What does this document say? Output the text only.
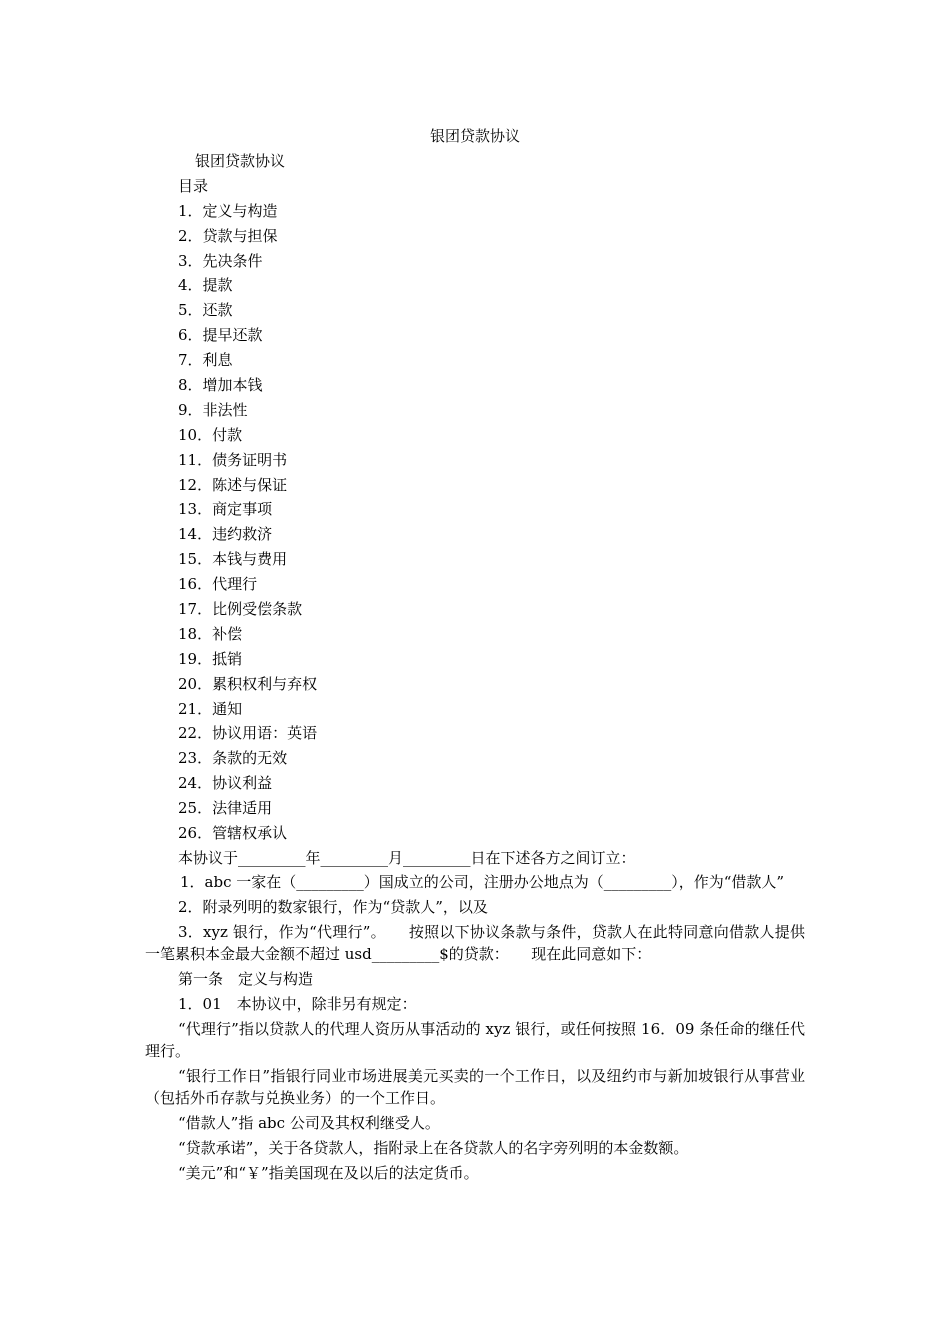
银团贷款协议
银团贷款协议
目录
1．定义与构造
2．贷款与担保
3．先决条件
4．提款
5．还款
6．提早还款
7．利息
8．增加本钱
9．非法性
10．付款
11．债务证明书
12．陈述与保证
13．商定事项
14．违约救济
15．本钱与费用
16．代理行
17．比例受偿条款
18．补偿
19．抵销
20．累积权利与弃权
21．通知
22．协议用语：英语
23．条款的无效
24．协议利益
25．法律适用
26．管辖权承认
本协议于_________年_________月_________日在下述各方之间订立：

1．abc 一家在（_________）国成立的公司，注册办公地点为（_________），作为“借款人”

2．附录列明的数家银行，作为“贷款人”，以及

3．xyz 银行，作为“代理行”。　　按照以下协议条款与条件，贷款人在此特同意向借款人提供一笔累积本金最大金额不超过 usd_________$的贷款：　　现在此同意如下：

第一条　定义与构造

1．01　本协议中，除非另有规定：

“代理行”指以贷款人的代理人资历从事活动的 xyz 银行，或任何按照 16．09 条任命的继任代理行。

“银行工作日”指银行同业市场进展美元买卖的一个工作日，以及纽约市与新加坡银行从事营业（包括外币存款与兑换业务）的一个工作日。

“借款人”指 abc 公司及其权利继受人。

“贷款承诺”，关于各贷款人，指附录上在各贷款人的名字旁列明的本金数额。

“美元”和“￥”指美国现在及以后的法定货币。
